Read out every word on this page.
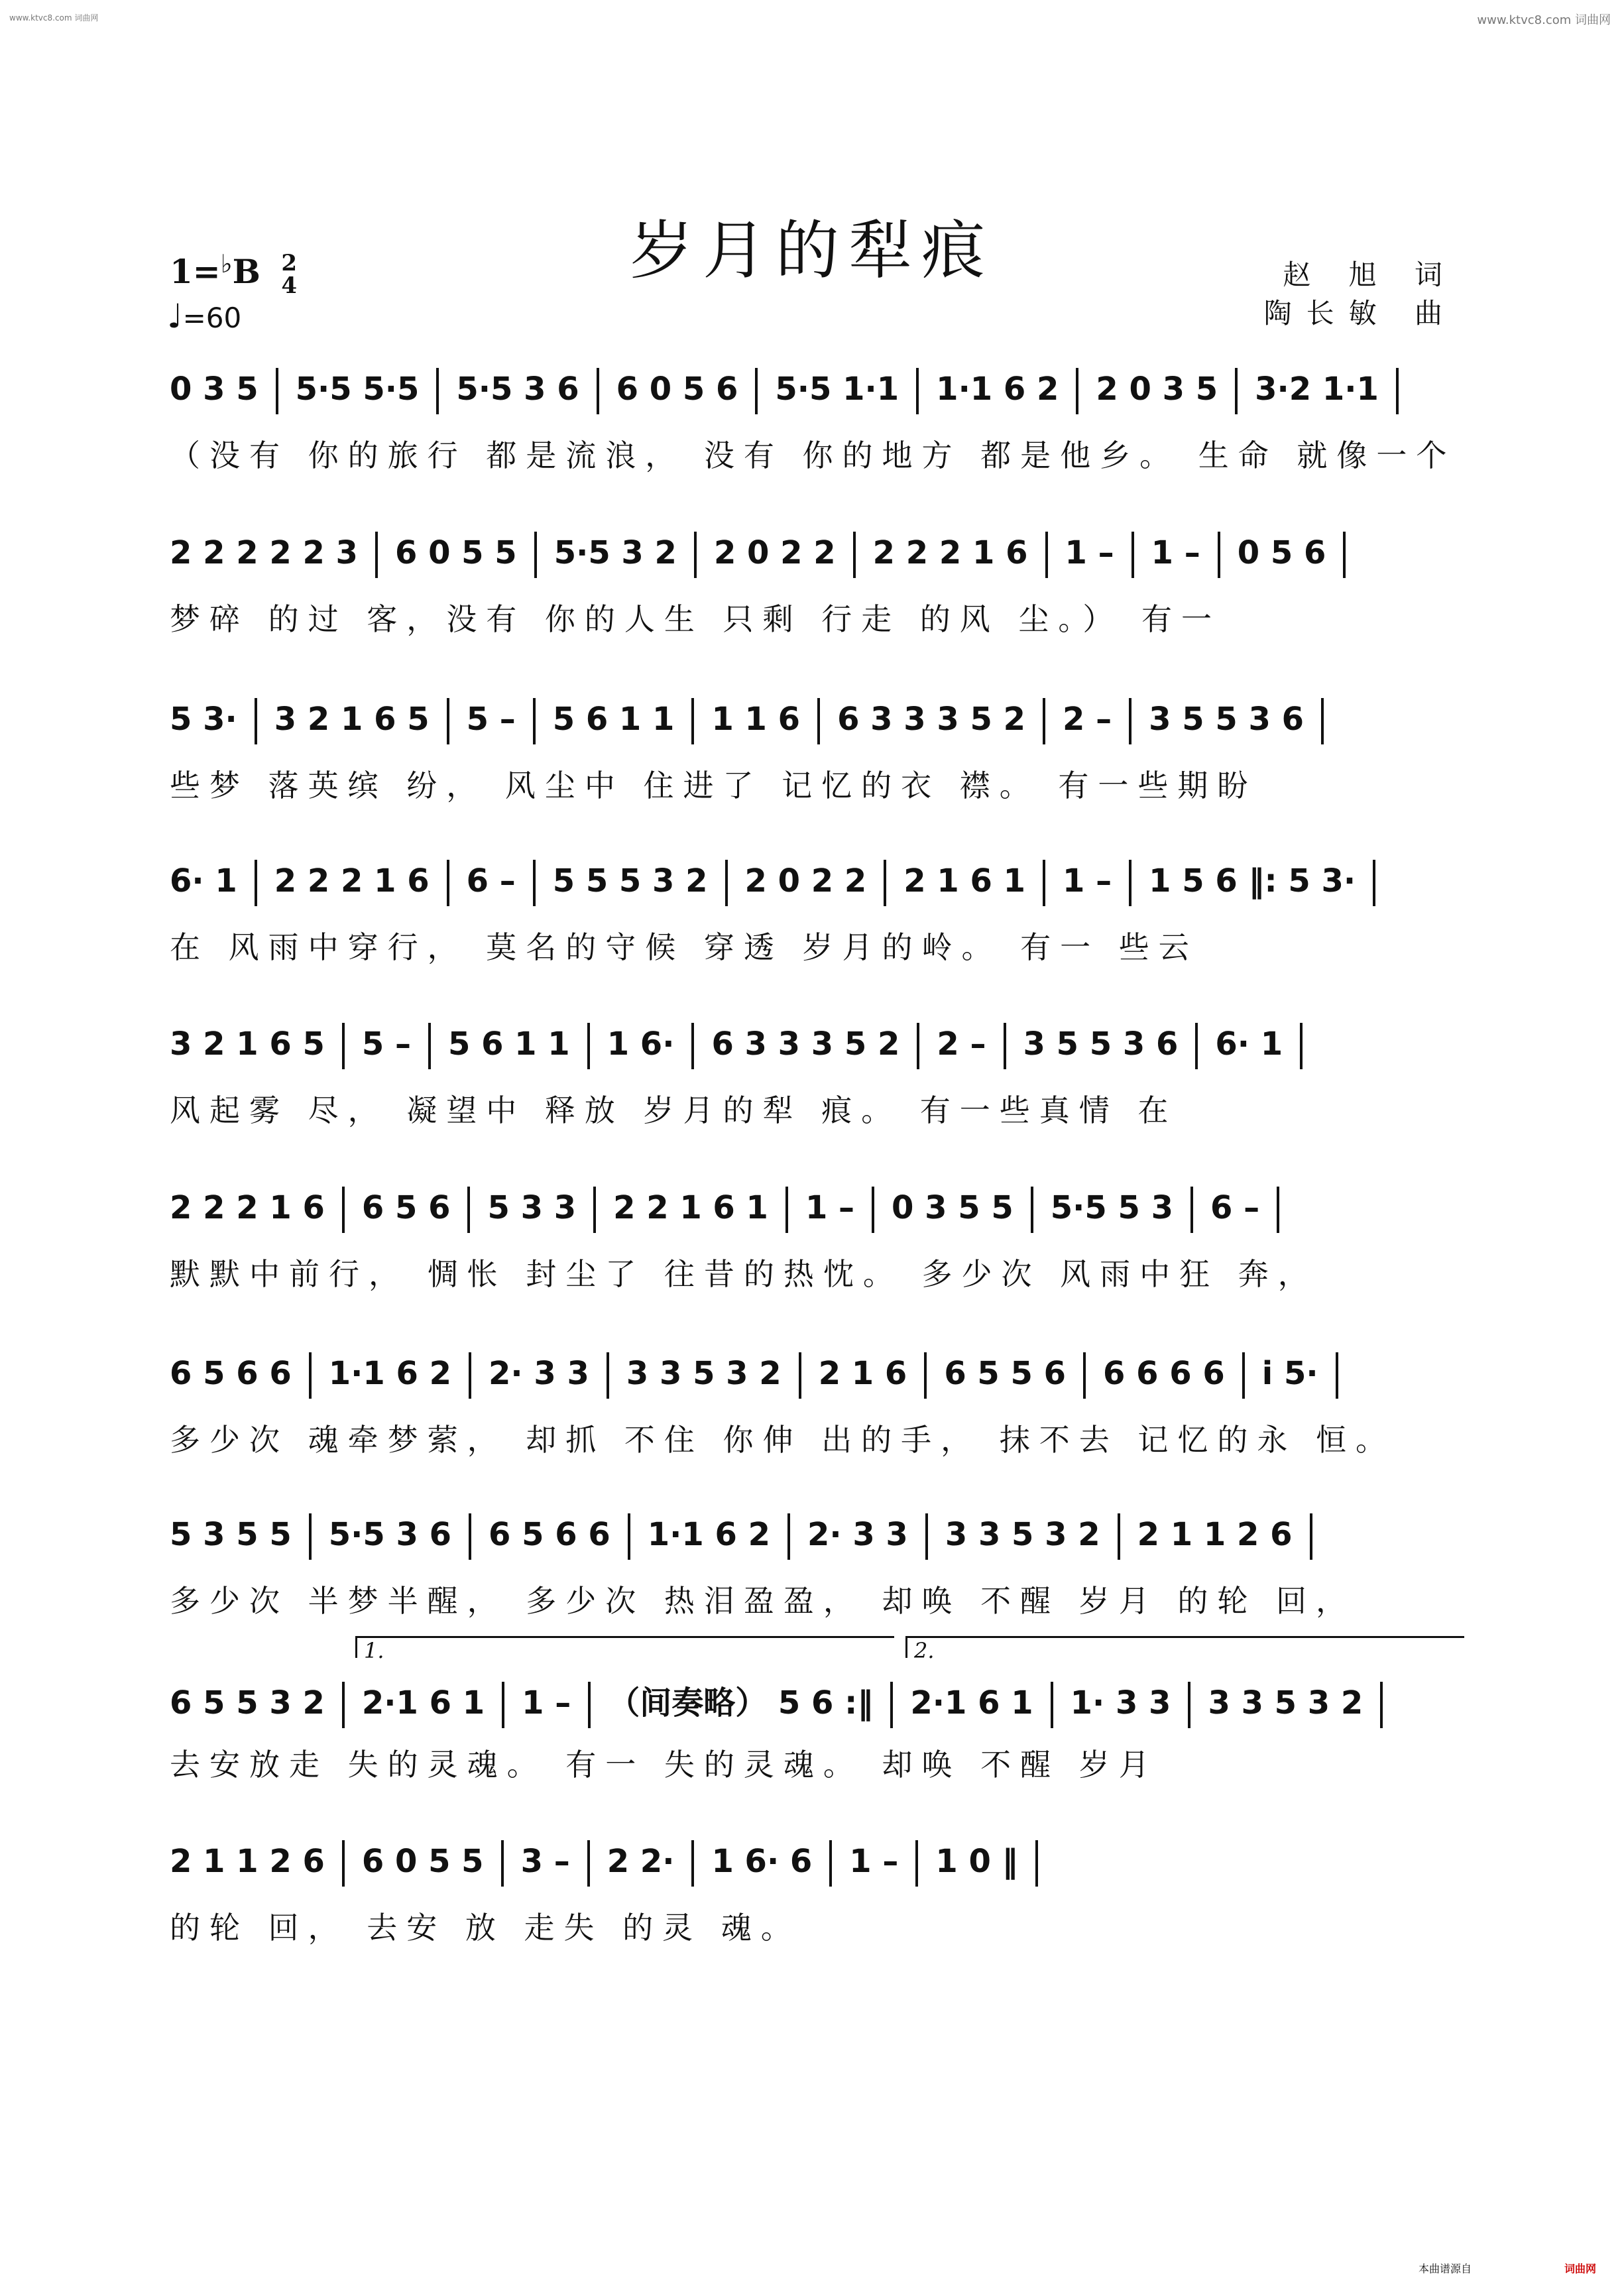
www.ktvc8.com 词曲网	www.ktvc8.com 词曲网
岁月的犁痕
1=♭B 2
4
♩=60
赵 旭 词
陶长敏 曲
0 3 5 5·5 5·5 5·5 3 6 6 0 5 6 5·5 1·1 1·1 6 2 2 0 3 5 3·2 1·1
（没有 你的旅行 都是流浪， 没有 你的地方 都是他乡。 生命 就像一个
2 2 2 2 2 3 6 0 5 5 5·5 3 2 2 0 2 2 2 2 2 1 6 1 – 1 – 0 5 6
梦碎 的过 客，没有 你的人生 只剩 行走 的风 尘。） 有一
5 3· 3 2 1 6 5 5 – 5 6 1 1 1 1 6 6 3 3 3 5 2 2 – 3 5 5 3 6
些梦 落英缤 纷， 风尘中 住进了 记忆的衣 襟。 有一些期盼
6· 1 2 2 2 1 6 6 – 5 5 5 3 2 2 0 2 2 2 1 6 1 1 – 1 5 6 ‖: 5 3·
在 风雨中穿行， 莫名的守候 穿透 岁月的岭。 有一 些云
3 2 1 6 5 5 – 5 6 1 1 1 6· 6 3 3 3 5 2 2 – 3 5 5 3 6 6· 1
风起雾 尽， 凝望中 释放 岁月的犁 痕。 有一些真情 在
2 2 2 1 6 6 5 6 5 3 3 2 2 1 6 1 1 – 0 3 5 5 5·5 5 3 6 –
默默中前行， 惆怅 封尘了 往昔的热忱。 多少次 风雨中狂 奔，
6 5 6 6 1·1 6 2 2· 3 3 3 3 5 3 2 2 1 6 6 5 5 6 6 6 6 6 i 5·
多少次 魂牵梦萦， 却抓 不住 你伸 出的手， 抹不去 记忆的永 恒。
5 3 5 5 5·5 3 6 6 5 6 6 1·1 6 2 2· 3 3 3 3 5 3 2 2 1 1 2 6
多少次 半梦半醒， 多少次 热泪盈盈， 却唤 不醒 岁月 的轮 回，
6 5 5 3 2 2·1 6 1 1 – （间奏略） 5 6 :‖ 2·1 6 1 1· 3 3 3 3 5 3 2
1.	2.
去安放走 失的灵魂。 有一 失的灵魂。 却唤 不醒 岁月
2 1 1 2 6 6 0 5 5 3 – 2 2· 1 6· 6 1 – 1 0 ‖
的轮 回， 去安 放 走失 的灵 魂。
本曲谱源自	词曲网
